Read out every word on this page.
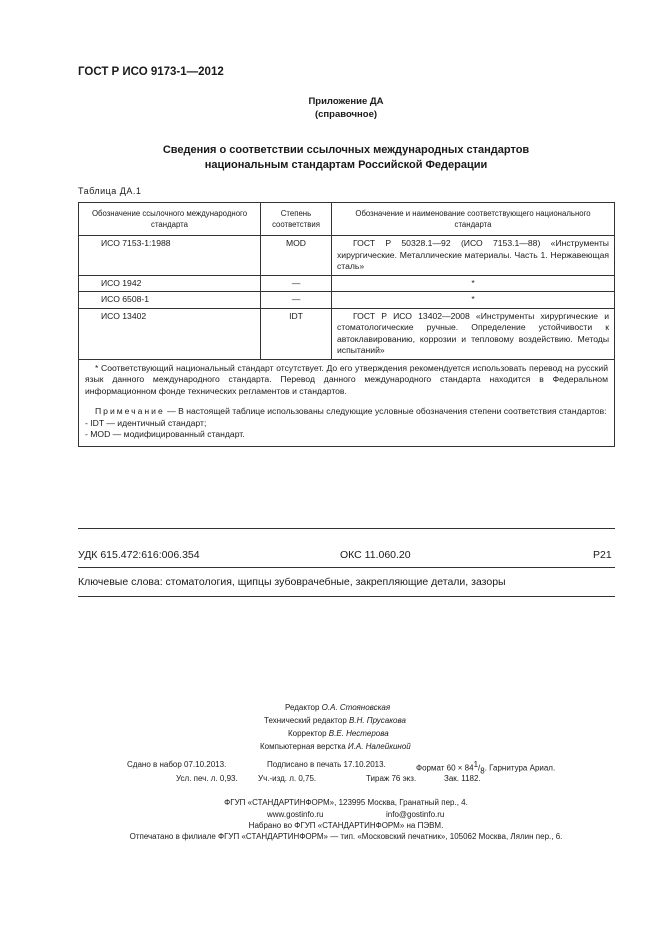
ГОСТ Р ИСО 9173-1—2012
Приложение ДА
(справочное)
Сведения о соответствии ссылочных международных стандартов
национальным стандартам Российской Федерации
Таблица ДА.1
Обозначение ссылочного международного стандарта	Степень соответствия	Обозначение и наименование соответствующего национального стандарта
ИСО 7153-1:1988	MOD	ГОСТ Р 50328.1—92 (ИСО 7153.1—88) «Инструменты хирургические. Металлические материалы. Часть 1. Нержавеющая сталь»
ИСО 1942	—	*
ИСО 6508-1	—	*
ИСО 13402	IDT	ГОСТ Р ИСО 13402—2008 «Инструменты хирургические и стоматологические ручные. Определение устойчивости к автоклавированию, коррозии и тепловому воздействию. Методы испытаний»

* Соответствующий национальный стандарт отсутствует. До его утверждения рекомендуется использовать перевод на русский язык данного международного стандарта. Перевод данного международного стандарта находится в Федеральном информационном фонде технических регламентов и стандартов.

Примечание — В настоящей таблице использованы следующие условные обозначения степени соответствия стандартов:

- IDT — идентичный стандарт;

- MOD — модифицированный стандарт.		

УДК 615.472:616:006.354	ОКС 11.060.20	Р21
Ключевые слова: стоматология, щипцы зубоврачебные, закрепляющие детали, зазоры
Редактор О.А. Стояновская
Технический редактор В.Н. Прусакова
Корректор В.Е. Нестерова
Компьютерная верстка И.А. Налейкиной
Сдано в набор 07.10.2013.	Подписано в печать 17.10.2013.	Формат $60 \times 84^1/_8$. Гарнитура Ариал.
Усл. печ. л. 0,93.	Уч.-изд. л. 0,75.	Тираж 76 экз.	Зак. 1182.
ФГУП «СТАНДАРТИНФОРМ», 123995 Москва, Гранатный пер., 4.
www.gostinfo.ru	info@gostinfo.ru
Набрано во ФГУП «СТАНДАРТИНФОРМ» на ПЭВМ.
Отпечатано в филиале ФГУП «СТАНДАРТИНФОРМ» — тип. «Московский печатник», 105062 Москва, Лялин пер., 6.
